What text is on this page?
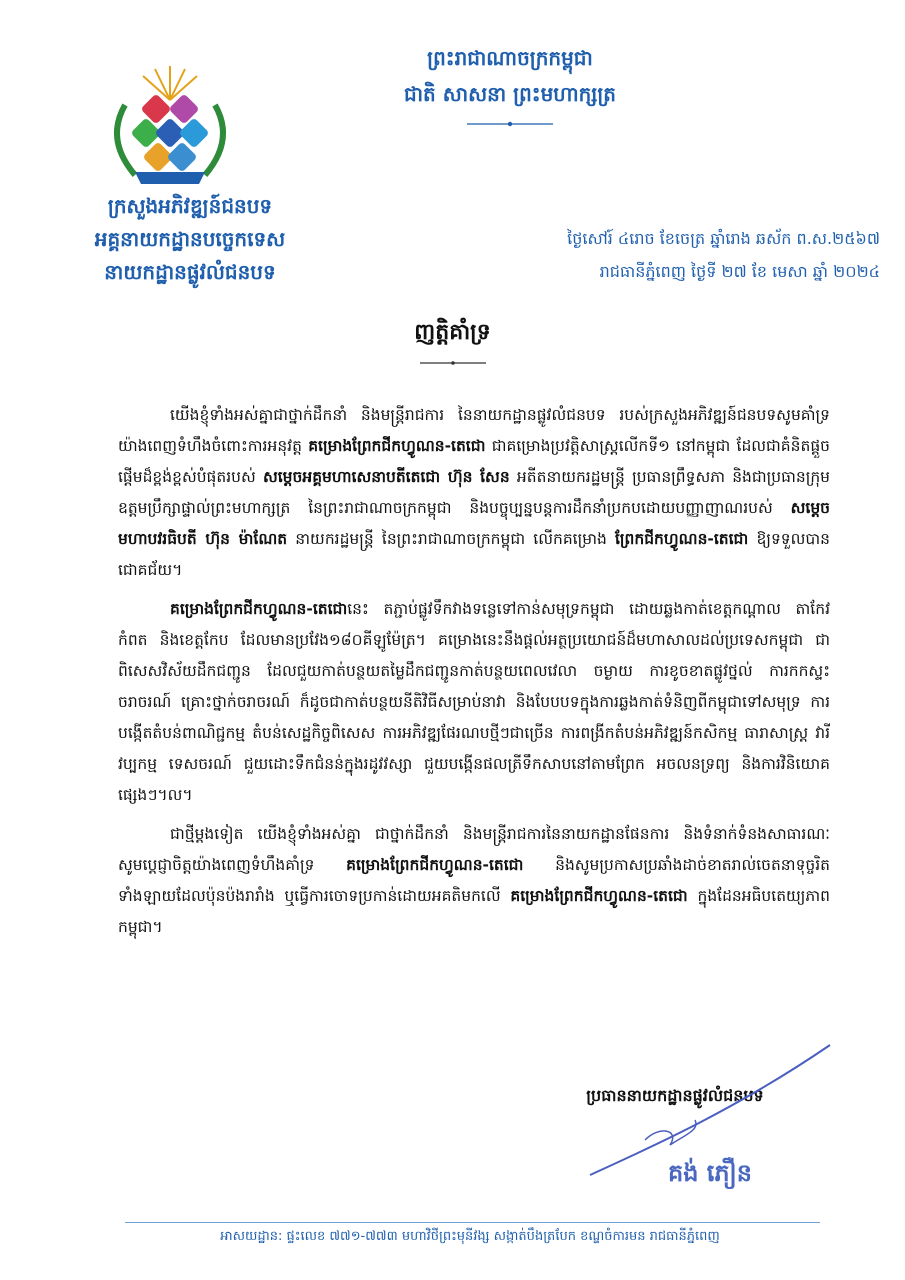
ព្រះរាជាណាចក្រកម្ពុជា
ជាតិ សាសនា ព្រះមហាក្សត្រ
ក្រសួងអភិវឌ្ឍន៍ជនបទ
អគ្គនាយកដ្ឋានបច្ចេកទេស
នាយកដ្ឋានផ្លូវលំជនបទ
ថ្ងៃសៅរ៍ ៤រោច ខែចេត្រ ឆ្នាំរោង ឆស័ក ព.ស.២៥៦៧
រាជធានីភ្នំពេញ ថ្ងៃទី ២៧ ខែ មេសា ឆ្នាំ ២០២៤
ញត្តិគាំទ្រ

យើងខ្ញុំទាំងអស់គ្នាជាថ្នាក់ដឹកនាំ និងមន្ត្រីរាជការ នៃនាយកដ្ឋានផ្លូវលំជនបទ របស់ក្រសួងអភិវឌ្ឍន៍ជនបទសូមគាំទ្រយ៉ាងពេញទំហឹងចំពោះការអនុវត្ត គម្រោងព្រែកជីកហ្វូណន-តេជោ ជាគម្រោងប្រវត្តិសាស្ត្រលើកទី១ នៅកម្ពុជា ដែលជាគំនិតផ្តួចផ្តើមដ៏ខ្ពង់ខ្ពស់បំផុតរបស់ សម្តេចអគ្គមហាសេនាបតីតេជោ ហ៊ុន សែន អតីតនាយករដ្ឋមន្ត្រី ប្រធានព្រឹទ្ធសភា និងជាប្រធានក្រុមឧត្តមប្រឹក្សាផ្ទាល់ព្រះមហាក្សត្រ នៃព្រះរាជាណាចក្រកម្ពុជា និងបច្ចុប្បន្នបន្តការដឹកនាំប្រកបដោយបញ្ញាញាណរបស់ សម្តេចមហាបវរធិបតី ហ៊ុន ម៉ាណែត នាយករដ្ឋមន្ត្រី នៃព្រះរាជាណាចក្រកម្ពុជា លើកគម្រោង ព្រែកជីកហ្វូណន-តេជោ ឱ្យទទួលបានជោគជ័យ។

គម្រោងព្រែកជីកហ្វូណន-តេជោនេះ តភ្ជាប់ផ្លូវទឹកវាងទន្លេទៅកាន់សមុទ្រកម្ពុជា ដោយឆ្លងកាត់ខេត្តកណ្តាល តាកែវ កំពត និងខេត្តកែប ដែលមានប្រវែង១៨០គីឡូម៉ែត្រ។ គម្រោងនេះនឹងផ្តល់អត្ថប្រយោជន៍ដ៏មហាសាលដល់ប្រទេសកម្ពុជា ជាពិសេសវិស័យដឹកជញ្ជូន ដែលជួយកាត់បន្ថយតម្លៃដឹកជញ្ជូនកាត់បន្ថយពេលវេលា ចម្ងាយ ការខូចខាតផ្លូវថ្នល់ ការកកស្ទះចរាចរណ៍ គ្រោះថ្នាក់ចរាចរណ៍ ក៏ដូចជាកាត់បន្ថយនីតិវិធីសម្រាប់នាវា និងបែបបទក្នុងការឆ្លងកាត់ទំនិញពីកម្ពុជាទៅសមុទ្រ ការបង្កើតតំបន់ពាណិជ្ជកម្ម តំបន់សេដ្ឋកិច្ចពិសេស ការអភិវឌ្ឍផែរណបថ្មីៗជាច្រើន ការពង្រីកតំបន់អភិវឌ្ឍន៍កសិកម្ម ធារាសាស្ត្រ វារីវប្បកម្ម ទេសចរណ៍ ជួយដោះទឹកជំនន់ក្នុងរដូវវស្សា ជួយបង្កើនផលត្រីទឹកសាបនៅតាមព្រែក អចលនទ្រព្យ និងការវិនិយោគផ្សេងៗ។ល។

ជាថ្មីម្តងទៀត យើងខ្ញុំទាំងអស់គ្នា ជាថ្នាក់ដឹកនាំ និងមន្ត្រីរាជការនៃនាយកដ្ឋានផែនការ និងទំនាក់ទំនងសាធារណៈ សូមប្តេជ្ញាចិត្តយ៉ាងពេញទំហឹងគាំទ្រ គម្រោងព្រែកជីកហ្វូណន-តេជោ និងសូមប្រកាសប្រឆាំងដាច់ខាតរាល់ចេតនាទុច្ចរិតទាំងឡាយដែលប៉ុនប៉ងរារាំង ឬធ្វើការចោទប្រកាន់ដោយអគតិមកលើ គម្រោងព្រែកជីកហ្វូណន-តេជោ ក្នុងដែនអធិបតេយ្យភាពកម្ពុជា។

ប្រធាននាយកដ្ឋានផ្លូវលំជនបទ
គង់ ភឿន
អាសយដ្ឋាន: ផ្ទះលេខ ៧៧១-៧៧៣ មហាវិថីព្រះមុនីវង្ស សង្កាត់បឹងត្របែក ខណ្ឌចំការមន រាជធានីភ្នំពេញ
